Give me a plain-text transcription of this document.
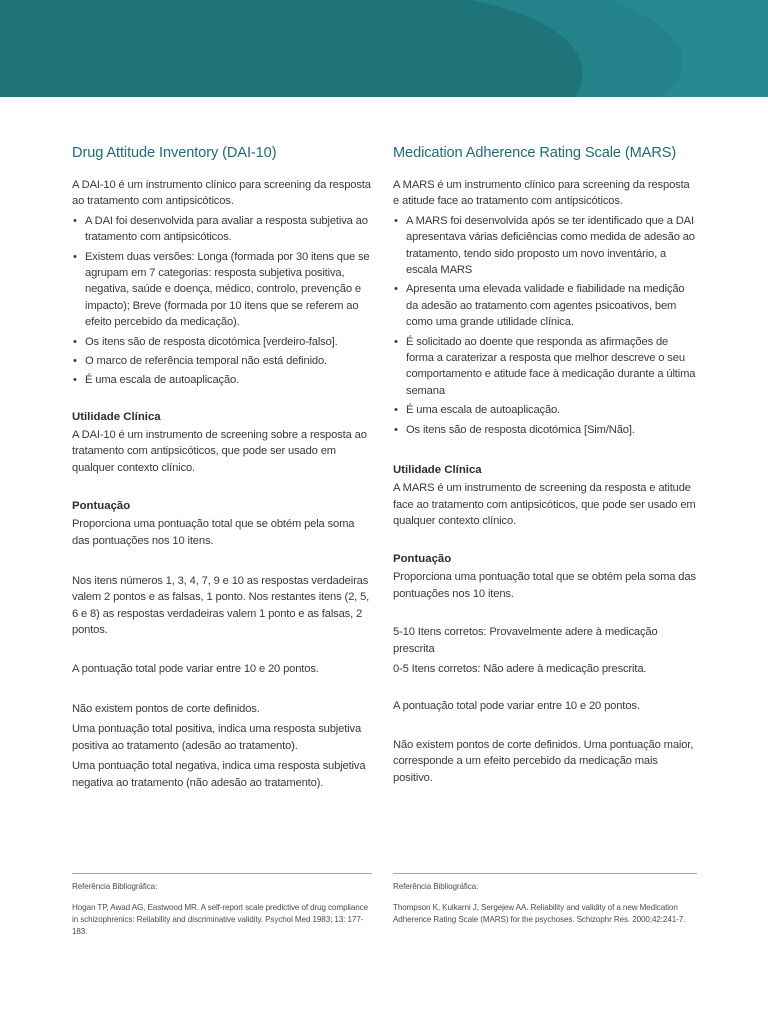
Drug Attitude Inventory (DAI-10)

A DAI-10 é um instrumento clínico para screening da resposta ao tratamento com antipsicóticos.

• A DAI foi desenvolvida para avaliar a resposta subjetiva ao tratamento com antipsicóticos.
• Existem duas versões: Longa (formada por 30 itens que se agrupam em 7 categorias: resposta subjetiva positiva, negativa, saúde e doença, médico, controlo, prevenção e impacto); Breve (formada por 10 itens que se referem ao efeito percebido da medicação).
• Os itens são de resposta dicotómica [verdeiro-falso].
• O marco de referência temporal não está definido.
• É uma escala de autoaplicação.
Utilidade Clínica

A DAI-10 é um instrumento de screening sobre a resposta ao tratamento com antipsicóticos, que pode ser usado em qualquer contexto clínico.

Pontuação

Proporciona uma pontuação total que se obtém pela soma das pontuações nos 10 itens.

Nos itens números 1, 3, 4, 7, 9 e 10 as respostas verdadeiras valem 2 pontos e as falsas, 1 ponto. Nos restantes itens (2, 5, 6 e 8) as respostas verdadeiras valem 1 ponto e as falsas, 2 pontos.

A pontuação total pode variar entre 10 e 20 pontos.

Não existem pontos de corte definidos.

Uma pontuação total positiva, indica uma resposta subjetiva positiva ao tratamento (adesão ao tratamento).

Uma pontuação total negativa, indica uma resposta subjetiva negativa ao tratamento (não adesão ao tratamento).

Medication Adherence Rating Scale (MARS)

A MARS é um instrumento clínico para screening da resposta e atitude face ao tratamento com antipsicóticos.

• A MARS foi desenvolvida após se ter identificado que a DAI apresentava várias deficiências como medida de adesão ao tratamento, tendo sido proposto um novo inventário, a escala MARS
• Apresenta uma elevada validade e fiabilidade na medição da adesão ao tratamento com agentes psicoativos, bem como uma grande utilidade clínica.
• É solicitado ao doente que responda as afirmações de forma a caraterizar a resposta que melhor descreve o seu comportamento e atitude face à medicação durante a última semana
• É uma escala de autoaplicação.
• Os itens são de resposta dicotómica [Sim/Não].
Utilidade Clínica

A MARS é um instrumento de screening da resposta e atitude face ao tratamento com antipsicóticos, que pode ser usado em qualquer contexto clínico.

Pontuação

Proporciona uma pontuação total que se obtém pela soma das pontuações nos 10 itens.

5-10 Itens corretos: Provavelmente adere à medicação prescrita

0-5 Itens corretos: Não adere à medicação prescrita.

A pontuação total pode variar entre 10 e 20 pontos.

Não existem pontos de corte definidos. Uma pontuação maior, corresponde a um efeito percebido da medicação mais positivo.

Referência Bibliográfica:
Hogan TP, Awad AG, Eastwood MR. A self-report scale predictive of drug compliance in schizophrenics: Reliability and discriminative validity. Psychol Med 1983; 13: 177-183.
Referência Bibliográfica:
Thompson K, Kulkarni J, Sergejew AA. Reliability and validity of a new Medication Adherence Rating Scale (MARS) for the psychoses. Schizophr Res. 2000;42:241-7.
